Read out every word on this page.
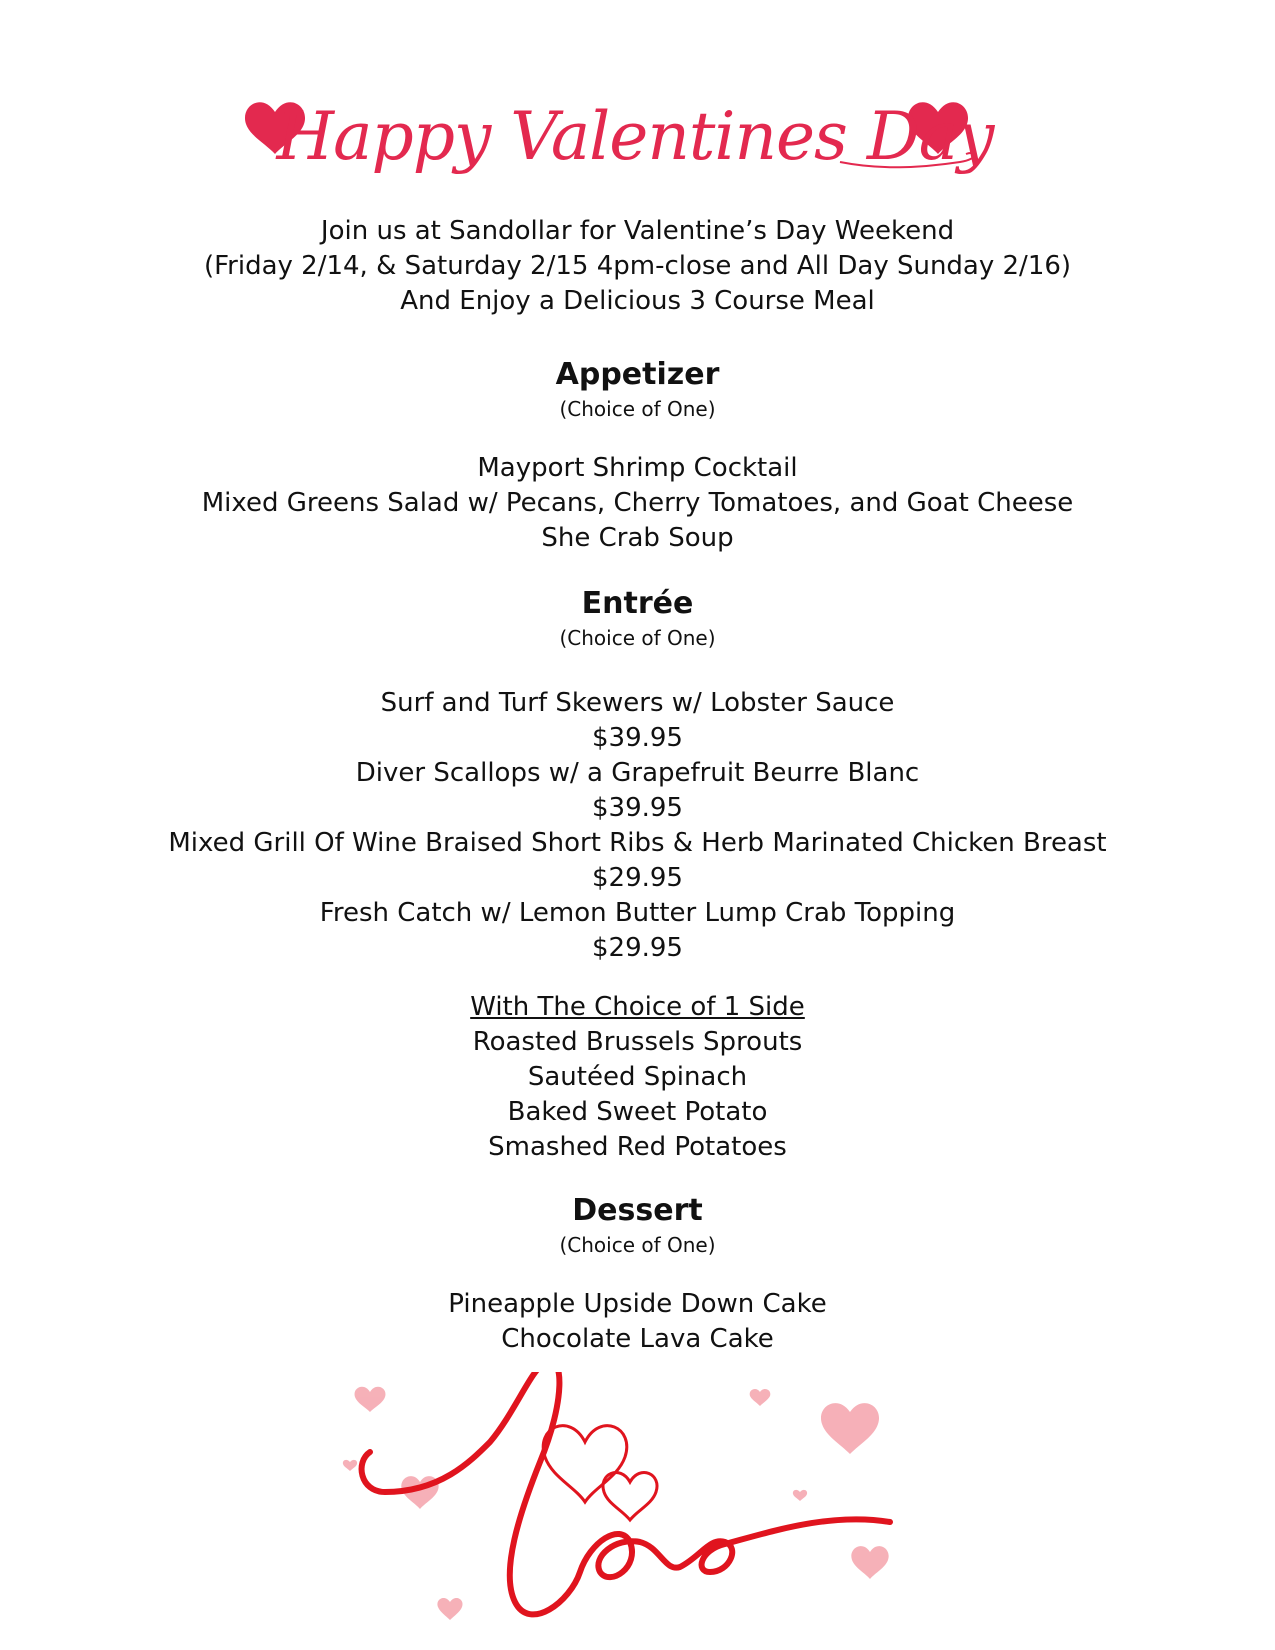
Happy Valentines Day
Join us at Sandollar for Valentine’s Day Weekend
(Friday 2/14, & Saturday 2/15 4pm-close and All Day Sunday 2/16)
And Enjoy a Delicious 3 Course Meal
Appetizer
(Choice of One)
Mayport Shrimp Cocktail
Mixed Greens Salad w/ Pecans, Cherry Tomatoes, and Goat Cheese
She Crab Soup
Entrée
(Choice of One)
Surf and Turf Skewers w/ Lobster Sauce
$39.95
Diver Scallops w/ a Grapefruit Beurre Blanc
$39.95
Mixed Grill Of Wine Braised Short Ribs & Herb Marinated Chicken Breast
$29.95
Fresh Catch w/ Lemon Butter Lump Crab Topping
$29.95
With The Choice of 1 Side
Roasted Brussels Sprouts
Sautéed Spinach
Baked Sweet Potato
Smashed Red Potatoes
Dessert
(Choice of One)
Pineapple Upside Down Cake
Chocolate Lava Cake
